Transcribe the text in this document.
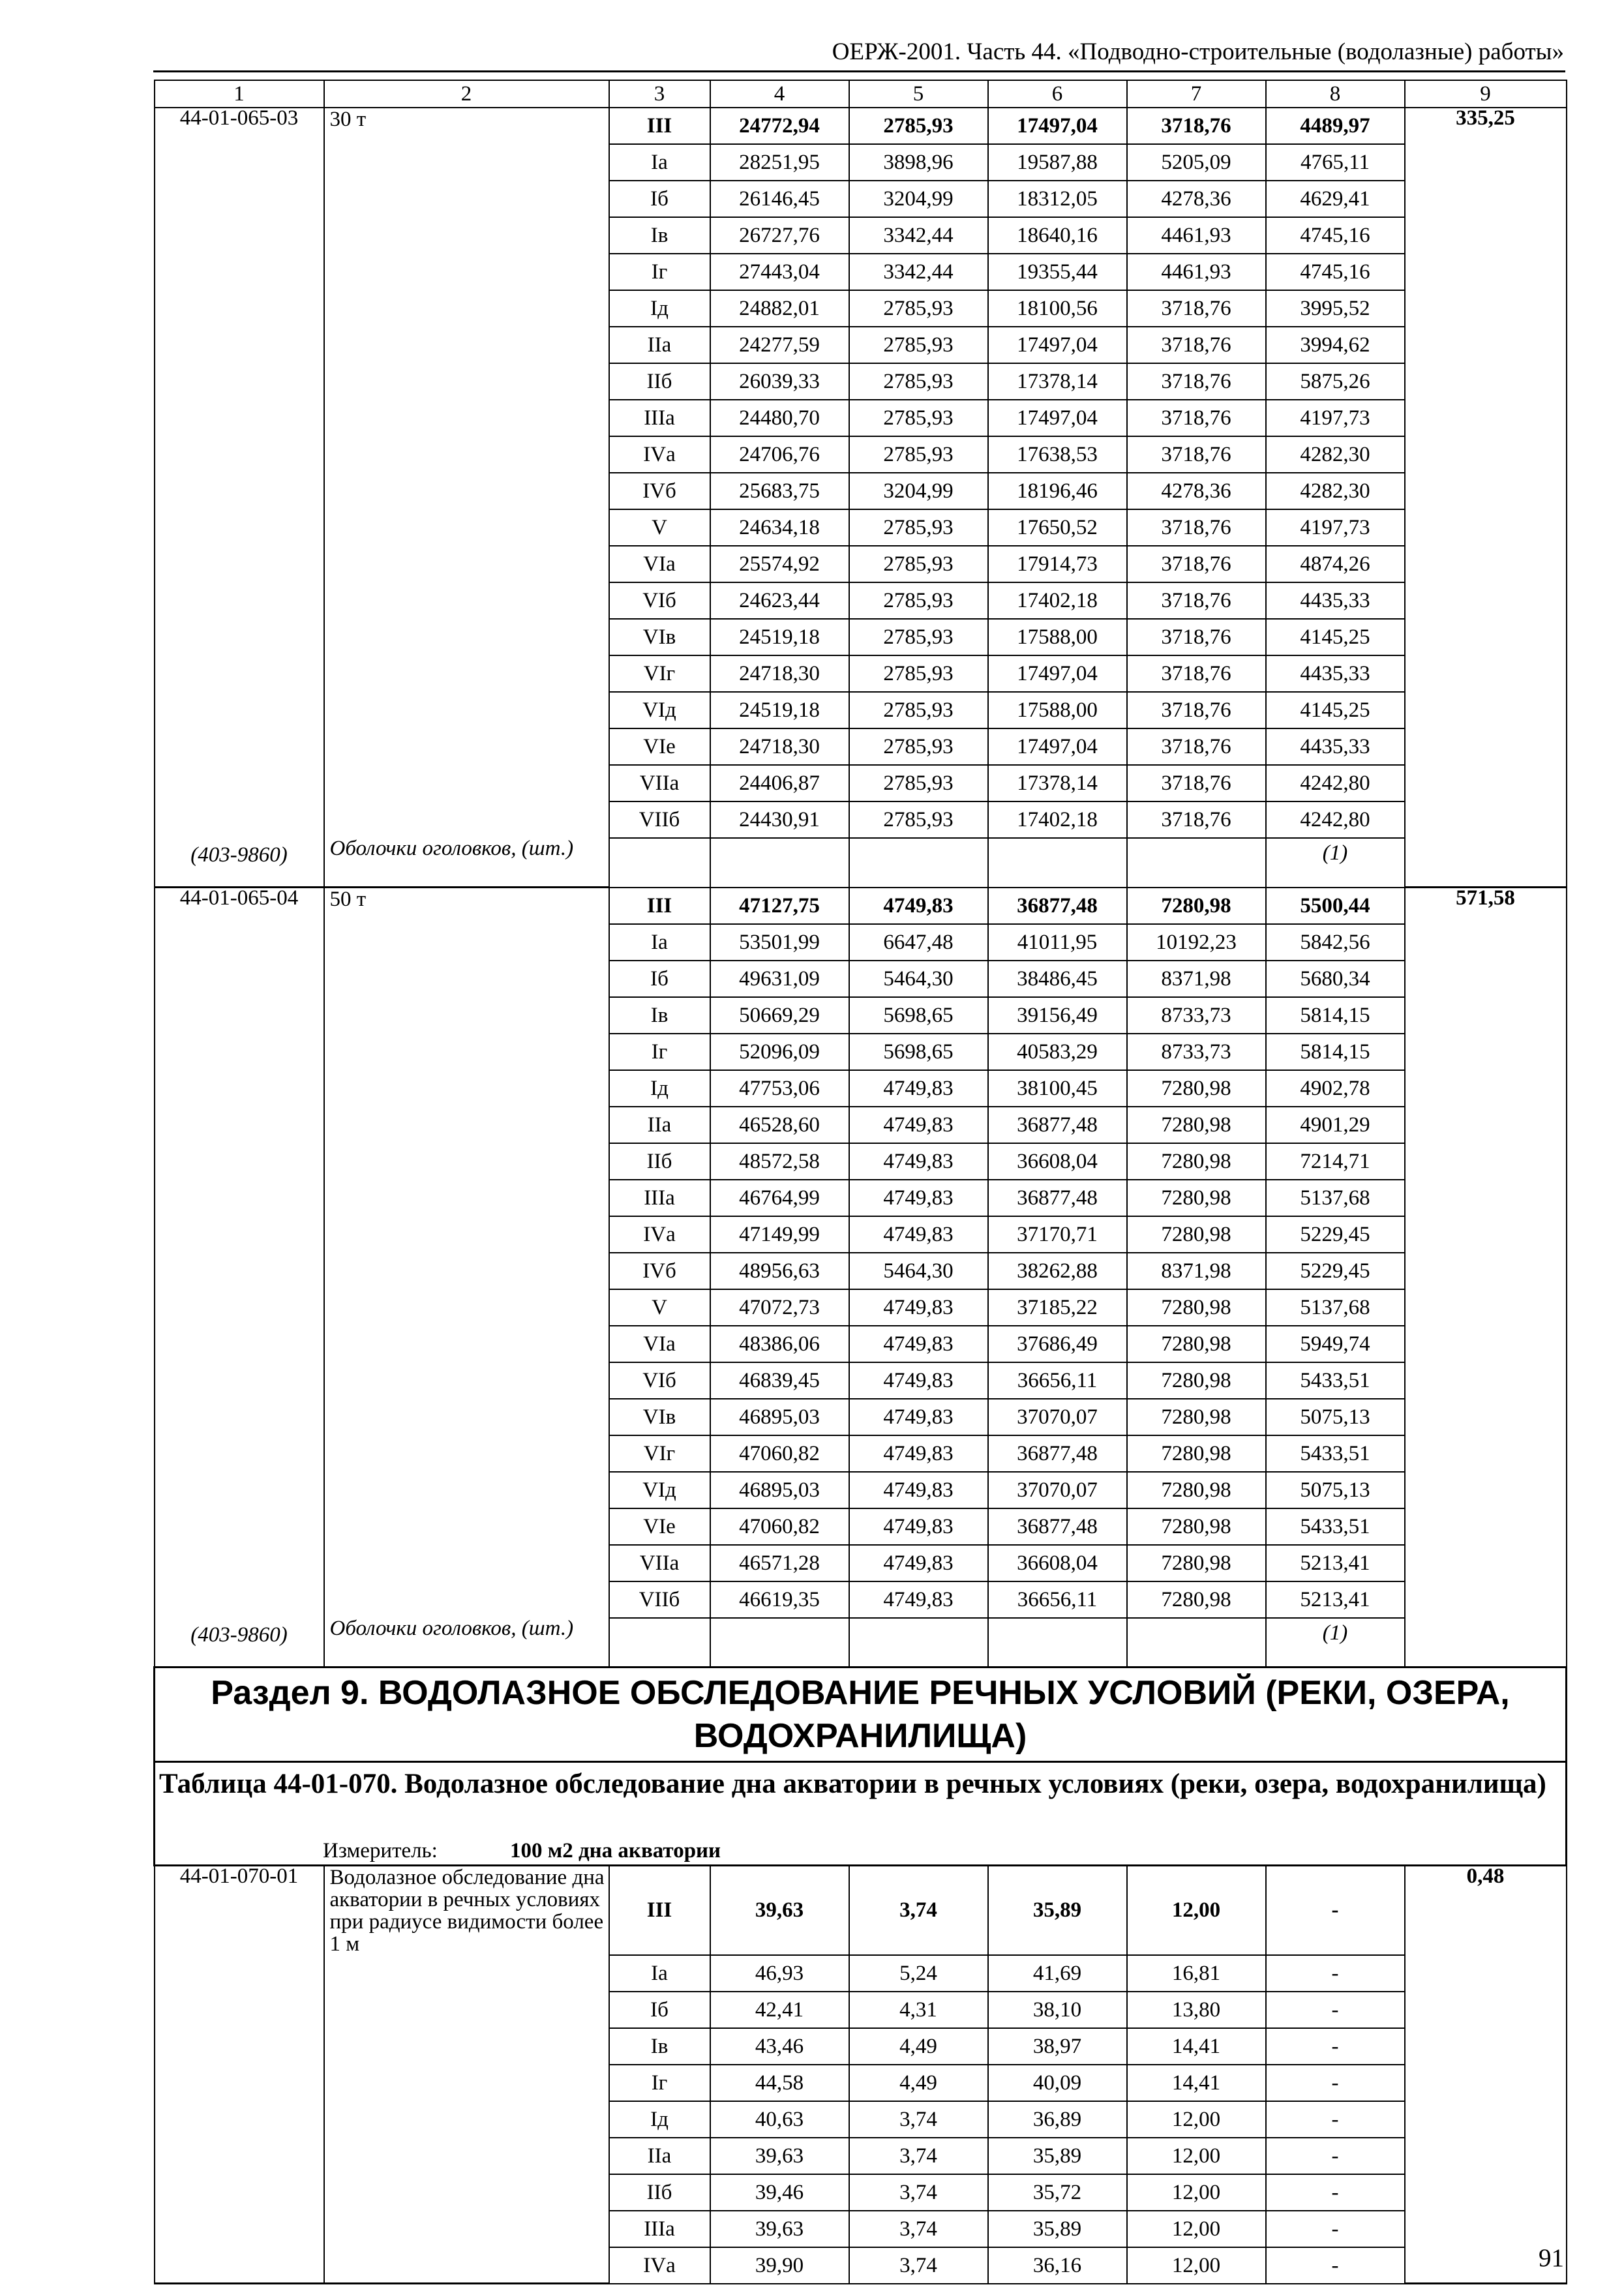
ОЕРЖ-2001. Часть 44. «Подводно-строительные (водолазные) работы»
1	2	3	4	5	6	7	8	9
44-01-065-03	30 т	III	24772,94	2785,93	17497,04	3718,76	4489,97	335,25
		Iа	28251,95	3898,96	19587,88	5205,09	4765,11	
		Iб	26146,45	3204,99	18312,05	4278,36	4629,41	
		Iв	26727,76	3342,44	18640,16	4461,93	4745,16	
		Iг	27443,04	3342,44	19355,44	4461,93	4745,16	
		Iд	24882,01	2785,93	18100,56	3718,76	3995,52	
		IIа	24277,59	2785,93	17497,04	3718,76	3994,62	
		IIб	26039,33	2785,93	17378,14	3718,76	5875,26	
		IIIа	24480,70	2785,93	17497,04	3718,76	4197,73	
		IVа	24706,76	2785,93	17638,53	3718,76	4282,30	
		IVб	25683,75	3204,99	18196,46	4278,36	4282,30	
		V	24634,18	2785,93	17650,52	3718,76	4197,73	
		VIа	25574,92	2785,93	17914,73	3718,76	4874,26	
		VIб	24623,44	2785,93	17402,18	3718,76	4435,33	
		VIв	24519,18	2785,93	17588,00	3718,76	4145,25	
		VIг	24718,30	2785,93	17497,04	3718,76	4435,33	
		VIд	24519,18	2785,93	17588,00	3718,76	4145,25	
		VIе	24718,30	2785,93	17497,04	3718,76	4435,33	
		VIIа	24406,87	2785,93	17378,14	3718,76	4242,80	
		VIIб	24430,91	2785,93	17402,18	3718,76	4242,80	
(403-9860)	Оболочки оголовков, (шт.)						(1)	
44-01-065-04	50 т	III	47127,75	4749,83	36877,48	7280,98	5500,44	571,58
		Iа	53501,99	6647,48	41011,95	10192,23	5842,56	
		Iб	49631,09	5464,30	38486,45	8371,98	5680,34	
		Iв	50669,29	5698,65	39156,49	8733,73	5814,15	
		Iг	52096,09	5698,65	40583,29	8733,73	5814,15	
		Iд	47753,06	4749,83	38100,45	7280,98	4902,78	
		IIа	46528,60	4749,83	36877,48	7280,98	4901,29	
		IIб	48572,58	4749,83	36608,04	7280,98	7214,71	
		IIIа	46764,99	4749,83	36877,48	7280,98	5137,68	
		IVа	47149,99	4749,83	37170,71	7280,98	5229,45	
		IVб	48956,63	5464,30	38262,88	8371,98	5229,45	
		V	47072,73	4749,83	37185,22	7280,98	5137,68	
		VIа	48386,06	4749,83	37686,49	7280,98	5949,74	
		VIб	46839,45	4749,83	36656,11	7280,98	5433,51	
		VIв	46895,03	4749,83	37070,07	7280,98	5075,13	
		VIг	47060,82	4749,83	36877,48	7280,98	5433,51	
		VIд	46895,03	4749,83	37070,07	7280,98	5075,13	
		VIе	47060,82	4749,83	36877,48	7280,98	5433,51	
		VIIа	46571,28	4749,83	36608,04	7280,98	5213,41	
		VIIб	46619,35	4749,83	36656,11	7280,98	5213,41	
(403-9860)	Оболочки оголовков, (шт.)						(1)	
Раздел 9. ВОДОЛАЗНОЕ ОБСЛЕДОВАНИЕ РЕЧНЫХ УСЛОВИЙ (РЕКИ, ОЗЕРА, ВОДОХРАНИЛИЩА)								
Таблица 44-01-070. Водолазное обследование дна акватории в речных условиях (реки, озера, водохранилища)								
Измеритель: 100 м2 дна акватории								
44-01-070-01	Водолазное обследование дна акватории в речных условиях при радиусе видимости более 1 м	III	39,63	3,74	35,89	12,00	-	0,48
		Iа	46,93	5,24	41,69	16,81	-	
		Iб	42,41	4,31	38,10	13,80	-	
		Iв	43,46	4,49	38,97	14,41	-	
		Iг	44,58	4,49	40,09	14,41	-	
		Iд	40,63	3,74	36,89	12,00	-	
		IIа	39,63	3,74	35,89	12,00	-	
		IIб	39,46	3,74	35,72	12,00	-	
		IIIа	39,63	3,74	35,89	12,00	-	
		IVа	39,90	3,74	36,16	12,00	-		91
